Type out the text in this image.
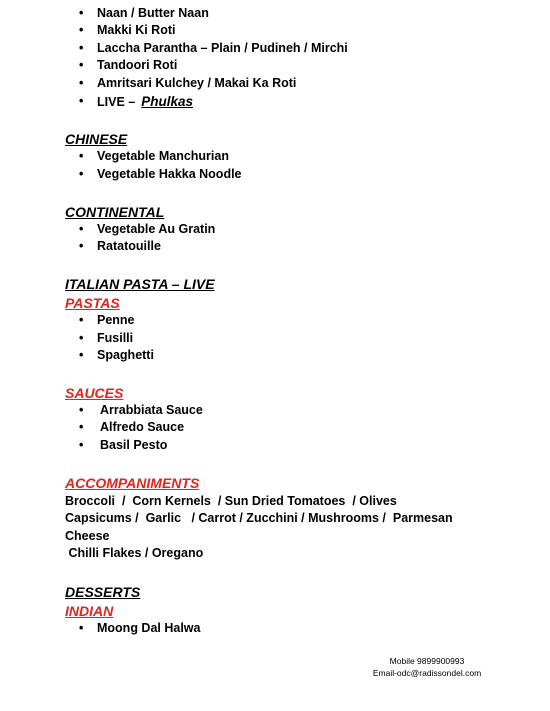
Naan / Butter Naan
Makki Ki Roti
Laccha Parantha – Plain / Pudineh / Mirchi
Tandoori Roti
Amritsari Kulchey / Makai Ka Roti
LIVE – Phulkas
CHINESE
Vegetable Manchurian
Vegetable Hakka Noodle
CONTINENTAL
Vegetable Au Gratin
Ratatouille
ITALIAN PASTA – LIVE
PASTAS
Penne
Fusilli
Spaghetti
SAUCES
Arrabbiata Sauce
Alfredo Sauce
Basil Pesto
ACCOMPANIMENTS
Broccoli  /  Corn Kernels  / Sun Dried Tomatoes  / Olives
Capsicums /  Garlic   / Carrot / Zucchini / Mushrooms /  Parmesan
Cheese
Chilli Flakes / Oregano
DESSERTS
INDIAN
Moong Dal Halwa
Mobile 9899900993
Email-odc@radissondel.com
